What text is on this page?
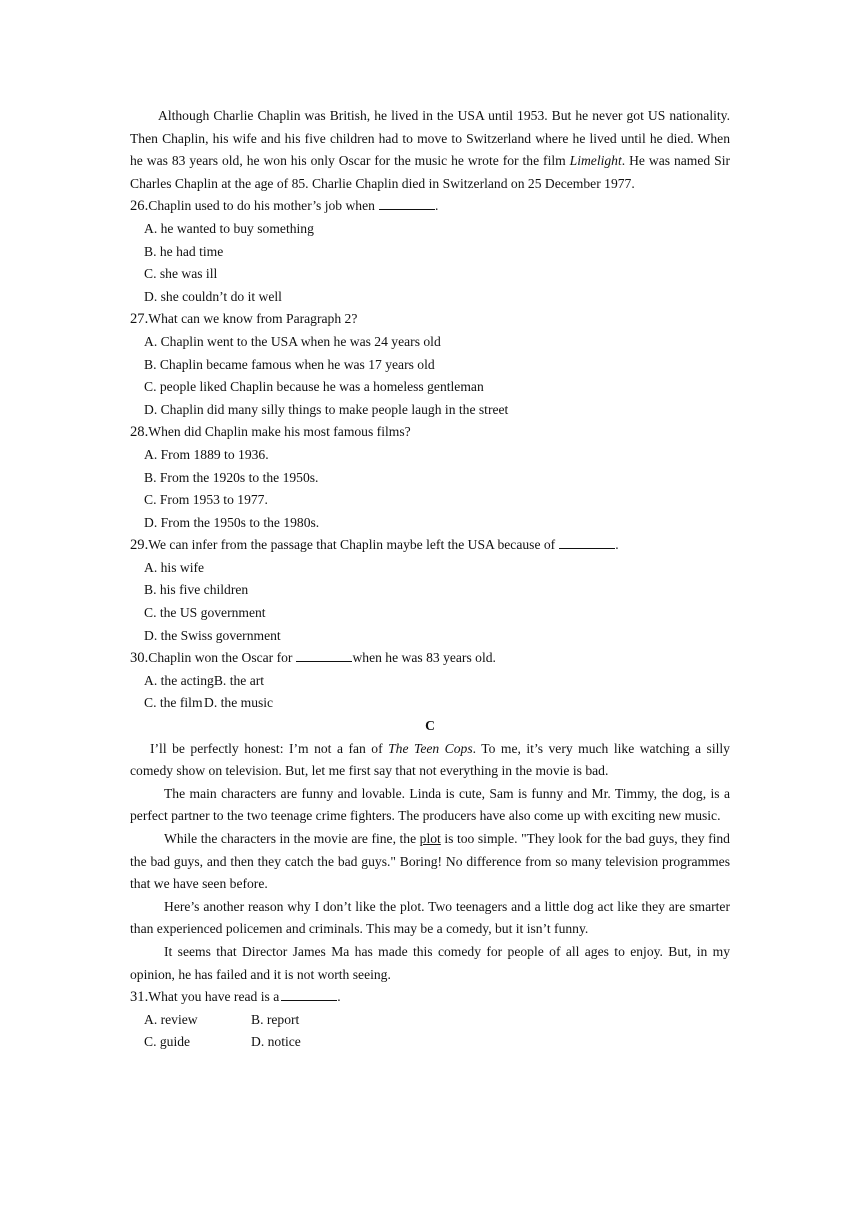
Although Charlie Chaplin was British, he lived in the USA until 1953. But he never got US nationality. Then Chaplin, his wife and his five children had to move to Switzerland where he lived until he died. When he was 83 years old, he won his only Oscar for the music he wrote for the film Limelight. He was named Sir Charles Chaplin at the age of 85. Charlie Chaplin died in Switzerland on 25 December 1977.

26.Chaplin used to do his mother’s job when	.

A. he wanted to buy something

B. he had time

C. she was ill

D. she couldn’t do it well

27.What can we know from Paragraph 2?

A. Chaplin went to the USA when he was 24 years old

B. Chaplin became famous when he was 17 years old

C. people liked Chaplin because he was a homeless gentleman

D. Chaplin did many silly things to make people laugh in the street

28.When did Chaplin make his most famous films?

A. From 1889 to 1936.

B. From the 1920s to the 1950s.

C. From 1953 to 1977.

D. From the 1950s to the 1980s.

29.We can infer from the passage that Chaplin maybe left the USA because of	.

A. his wife

B. his five children

C. the US government

D. the Swiss government

30.Chaplin won the Oscar for	when he was 83 years old.

A. the actingB. the art

C. the filmD. the music

C

I’ll be perfectly honest: I’m not a fan of The Teen Cops. To me, it’s very much like watching a silly comedy show on television. But, let me first say that not everything in the movie is bad.

The main characters are funny and lovable. Linda is cute, Sam is funny and Mr. Timmy, the dog, is a perfect partner to the two teenage crime fighters. The producers have also come up with exciting new music.

While the characters in the movie are fine, the plot is too simple. "They look for the bad guys, they find the bad guys, and then they catch the bad guys." Boring! No difference from so many television programmes that we have seen before.

Here’s another reason why I don’t like the plot. Two teenagers and a little dog act like they are smarter than experienced policemen and criminals. This may be a comedy, but it isn’t funny.

It seems that Director James Ma has made this comedy for people of all ages to enjoy. But, in my opinion, he has failed and it is not worth seeing.

31.What you have read is a	.

A. review	B. report

C. guide	D. notice
